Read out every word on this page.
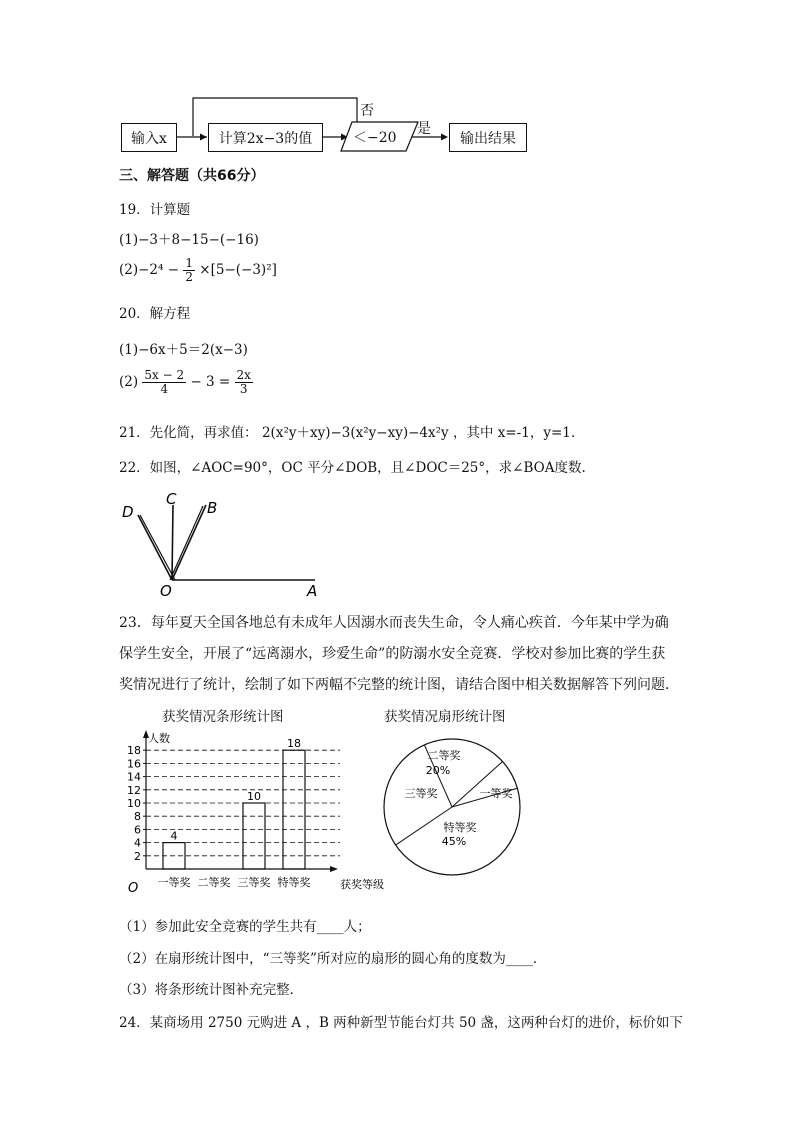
输入x	计算2x−3的值	＜−20
否
是
输出结果
三、解答题（共66分）
19．计算题
(1)−3＋8−15−(−16)
$(2)-2^4 - \frac{1}{2} \times[5-(-3)^2]$
20．解方程
(1)−6x＋5＝2(x−3)
$(2) \frac{5x - 2}{4} - 3 = \frac{2x}{3}$
21．先化简，再求值： 2(x²y＋xy)−3(x²y−xy)−4x²y ，其中 x=-1，y=1.
22．如图，∠AOC=90°，OC 平分∠DOB，且∠DOC＝25°，求∠BOA度数.
D
C B
O	A
23．每年夏天全国各地总有未成年人因溺水而丧失生命，令人痛心疾首．今年某中学为确保学生安全，开展了“远离溺水，珍爱生命”的防溺水安全竞赛．学校对参加比赛的学生获奖情况进行了统计，绘制了如下两幅不完整的统计图，请结合图中相关数据解答下列问题．
获奖情况条形统计图	获奖情况扇形统计图
2
4
6
8
10
12
14
16
18
人数
获奖等级
O
4
一等奖 二等奖
10
三等奖
18
特等奖
二等奖
20%
一等奖
特等奖
45%
三等奖
（1）参加此安全竞赛的学生共有____人；
（2）在扇形统计图中，“三等奖”所对应的扇形的圆心角的度数为____．
（3）将条形统计图补充完整．
24．某商场用 2750 元购进 A ，B 两种新型节能台灯共 50 盏，这两种台灯的进价，标价如下
